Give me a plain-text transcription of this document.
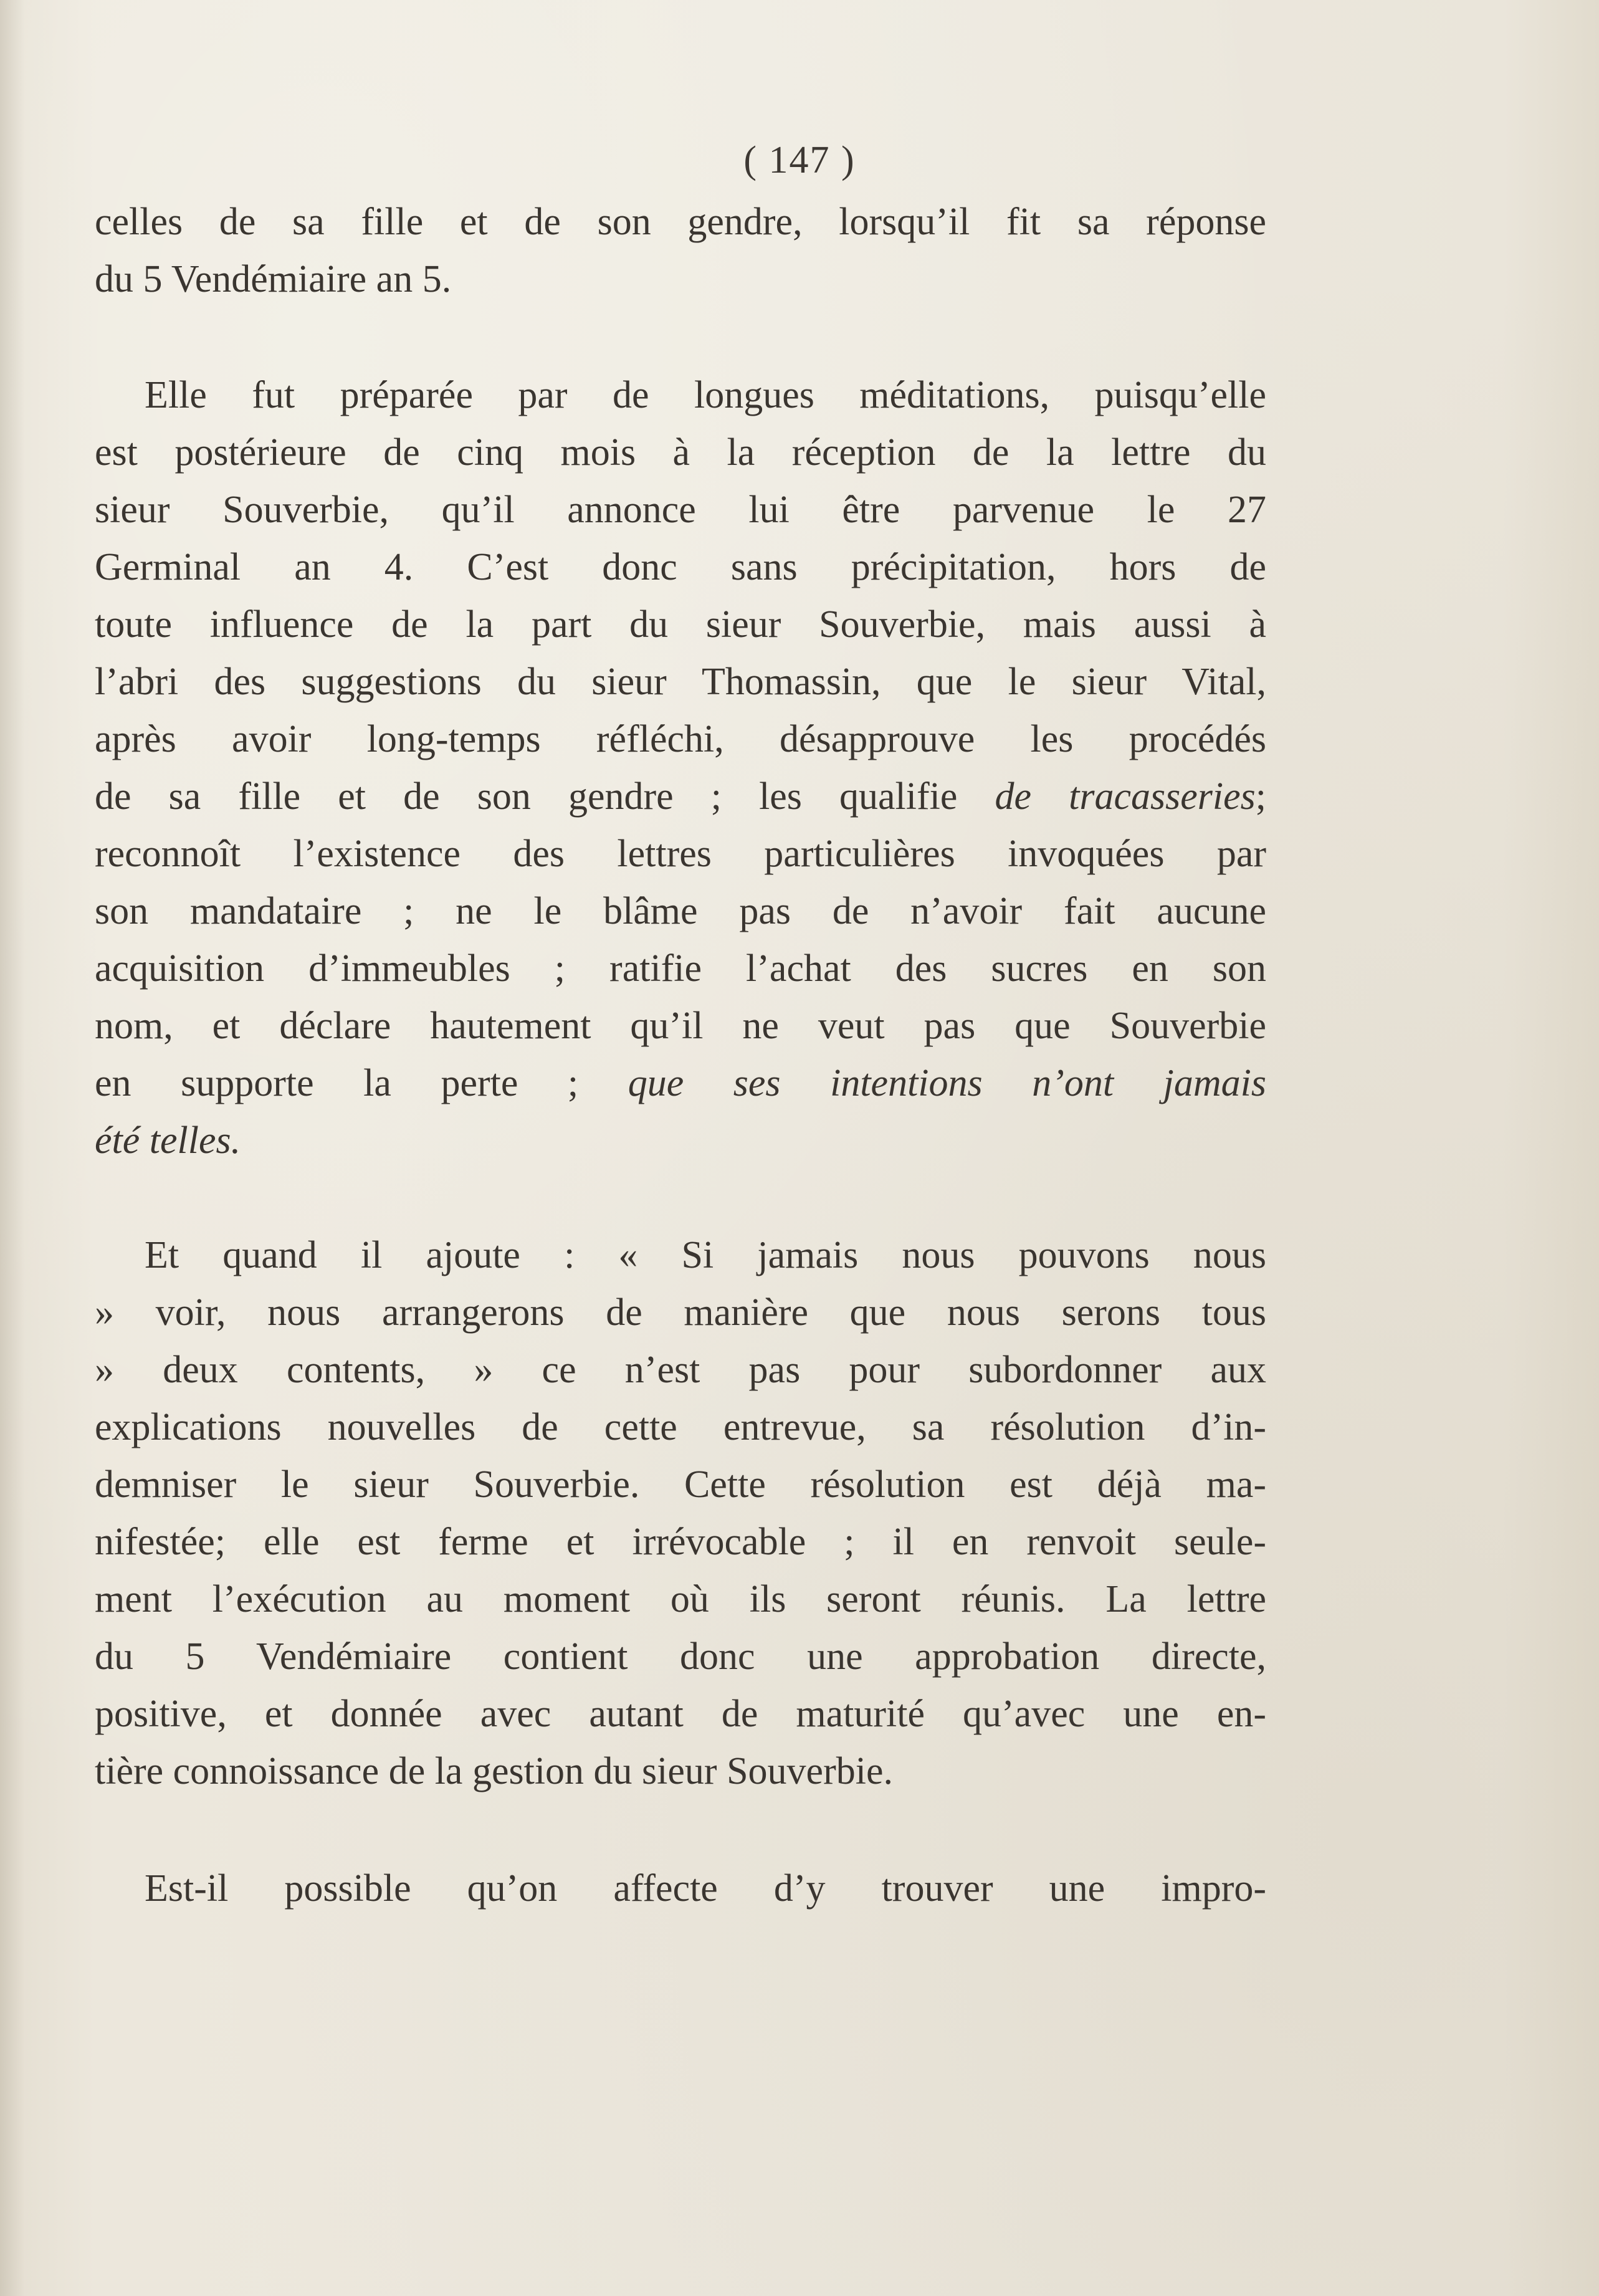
( 147 )
celles de sa fille et de son gendre, lorsqu’il fit sa réponse
du 5 Vendémiaire an 5.
Elle fut préparée par de longues méditations, puisqu’elle
est postérieure de cinq mois à la réception de la lettre du
sieur Souverbie, qu’il annonce lui être parvenue le 27
Germinal an 4. C’est donc sans précipitation, hors de
toute influence de la part du sieur Souverbie, mais aussi à
l’abri des suggestions du sieur Thomassin, que le sieur Vital,
après avoir long-temps réfléchi, désapprouve les procédés
de sa fille et de son gendre ; les qualifie de tracasseries;
reconnoît l’existence des lettres particulières invoquées par
son mandataire ; ne le blâme pas de n’avoir fait aucune
acquisition d’immeubles ; ratifie l’achat des sucres en son
nom, et déclare hautement qu’il ne veut pas que Souverbie
en supporte la perte ; que ses intentions n’ont jamais
été telles.
Et quand il ajoute : « Si jamais nous pouvons nous
» voir, nous arrangerons de manière que nous serons tous
» deux contents, » ce n’est pas pour subordonner aux
explications nouvelles de cette entrevue, sa résolution d’in-
demniser le sieur Souverbie. Cette résolution est déjà ma-
nifestée; elle est ferme et irrévocable ; il en renvoit seule-
ment l’exécution au moment où ils seront réunis. La lettre
du 5 Vendémiaire contient donc une approbation directe,
positive, et donnée avec autant de maturité qu’avec une en-
tière connoissance de la gestion du sieur Souverbie.
Est-il possible qu’on affecte d’y trouver une impro-
